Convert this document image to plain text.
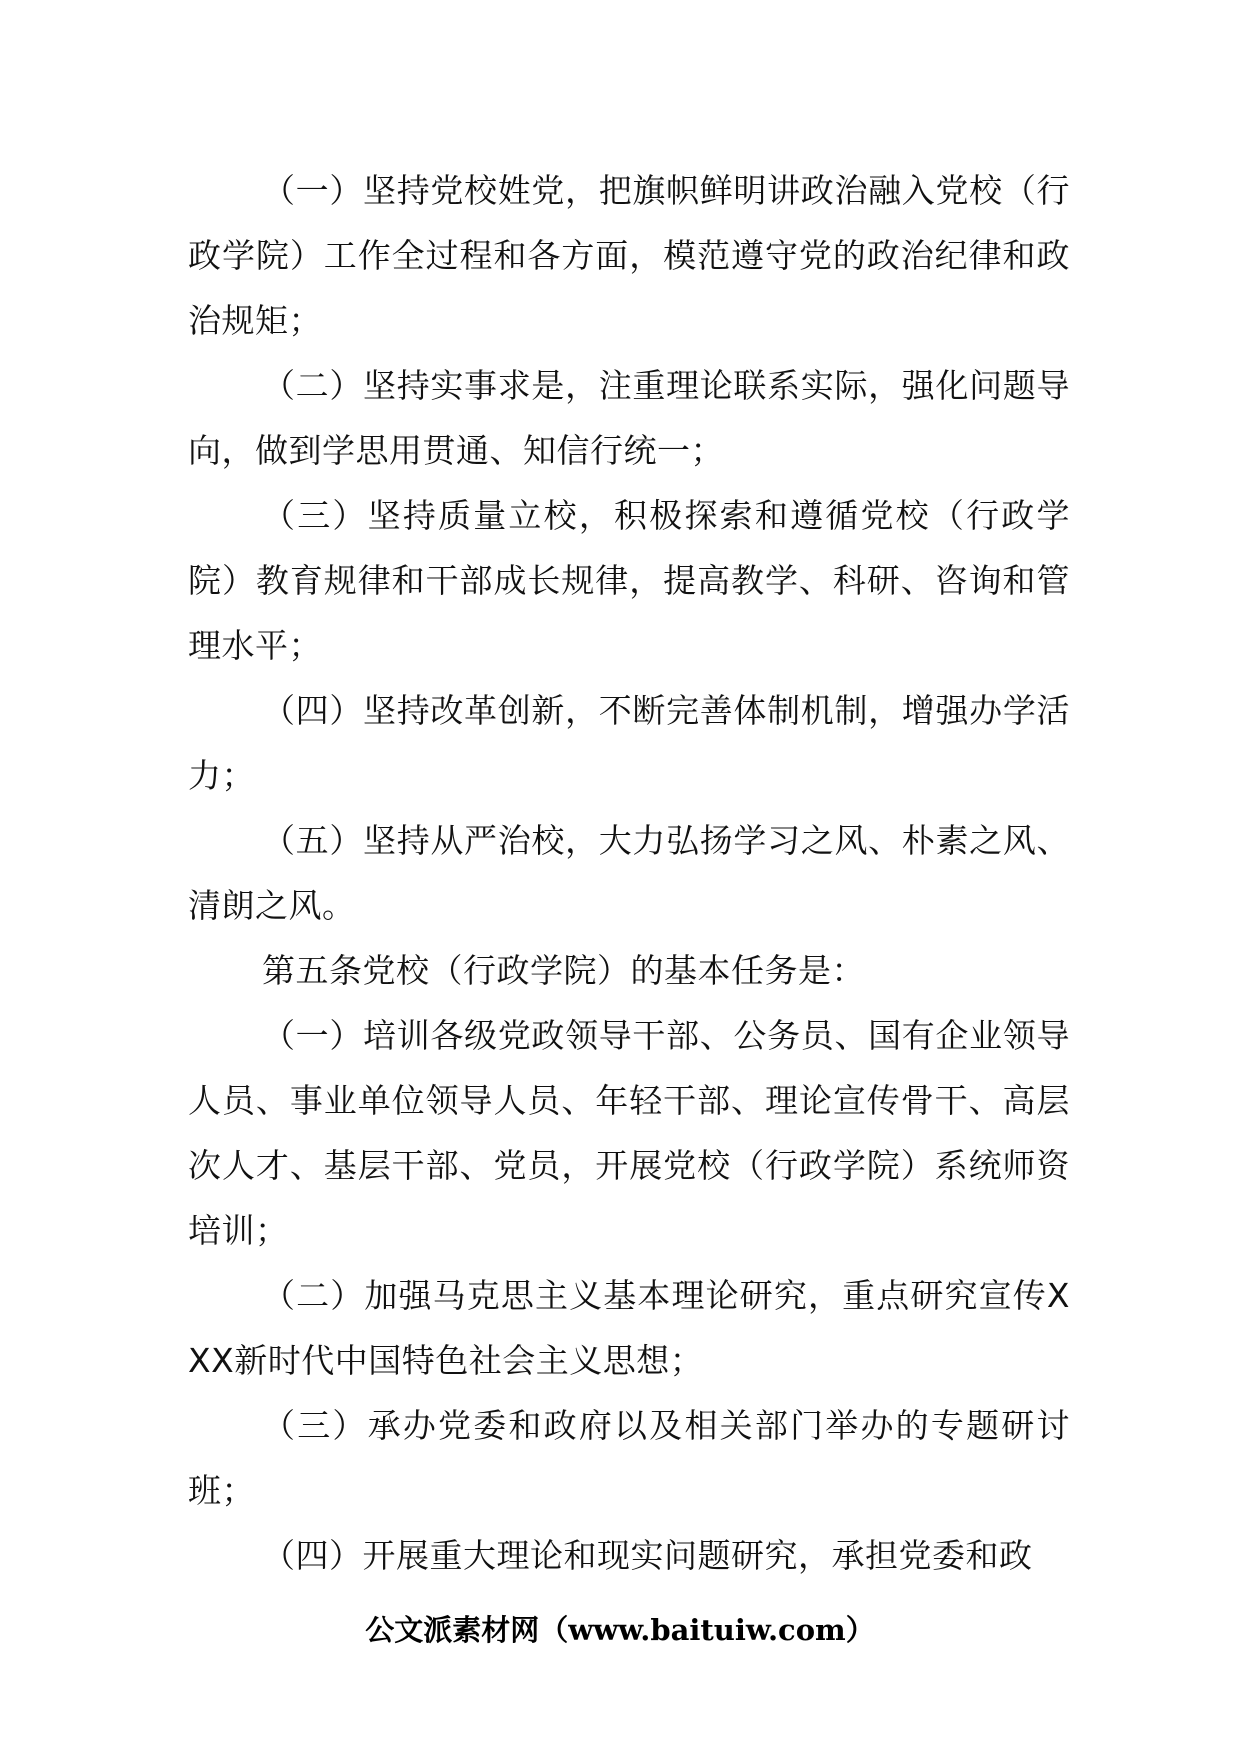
（一）坚持党校姓党，把旗帜鲜明讲政治融入党校（行政学院）工作全过程和各方面，模范遵守党的政治纪律和政治规矩；

（二）坚持实事求是，注重理论联系实际，强化问题导向，做到学思用贯通、知信行统一；

（三）坚持质量立校，积极探索和遵循党校（行政学院）教育规律和干部成长规律，提高教学、科研、咨询和管理水平；

（四）坚持改革创新，不断完善体制机制，增强办学活力；

（五）坚持从严治校，大力弘扬学习之风、朴素之风、清朗之风。

第五条党校（行政学院）的基本任务是：

（一）培训各级党政领导干部、公务员、国有企业领导人员、事业单位领导人员、年轻干部、理论宣传骨干、高层次人才、基层干部、党员，开展党校（行政学院）系统师资培训；

（二）加强马克思主义基本理论研究，重点研究宣传XXX新时代中国特色社会主义思想；

（三）承办党委和政府以及相关部门举办的专题研讨班；

（四）开展重大理论和现实问题研究，承担党委和政

公文派素材网（www.baituiw.com）
